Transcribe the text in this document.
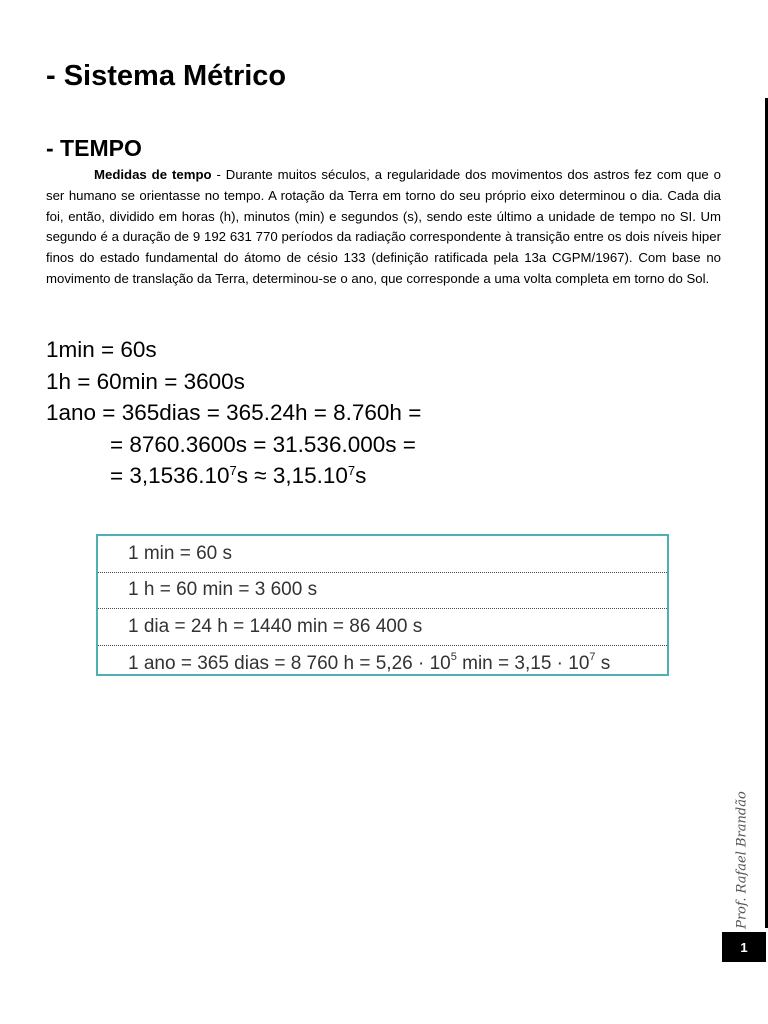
- Sistema Métrico
- TEMPO

Medidas de tempo - Durante muitos séculos, a regularidade dos movimentos dos astros fez com que o ser humano se orientasse no tempo. A rotação da Terra em torno do seu próprio eixo determinou o dia. Cada dia foi, então, dividido em horas (h), minutos (min) e segundos (s), sendo este último a unidade de tempo no SI. Um segundo é a duração de 9 192 631 770 períodos da radiação correspondente à transição entre os dois níveis hiper finos do estado fundamental do átomo de césio 133 (definição ratificada pela 13a CGPM/1967). Com base no movimento de translação da Terra, determinou-se o ano, que corresponde a uma volta completa em torno do Sol.

1min = 60s
1h = 60min = 3600s
1ano = 365dias = 365.24h = 8.760h =
= 8760.3600s = 31.536.000s =
= $3,1536.10^7s \approx 3,15.10^7s$
1 min = 60 s
1 h = 60 min = 3 600 s
1 dia = 24 h = 1440 min = 86 400 s
1 ano = 365 dias = 8 760 $h = 5,26 \cdot 10^5$ $\min = 3,15 \cdot 10^7$ s
Prof. Rafael Brandão
1
